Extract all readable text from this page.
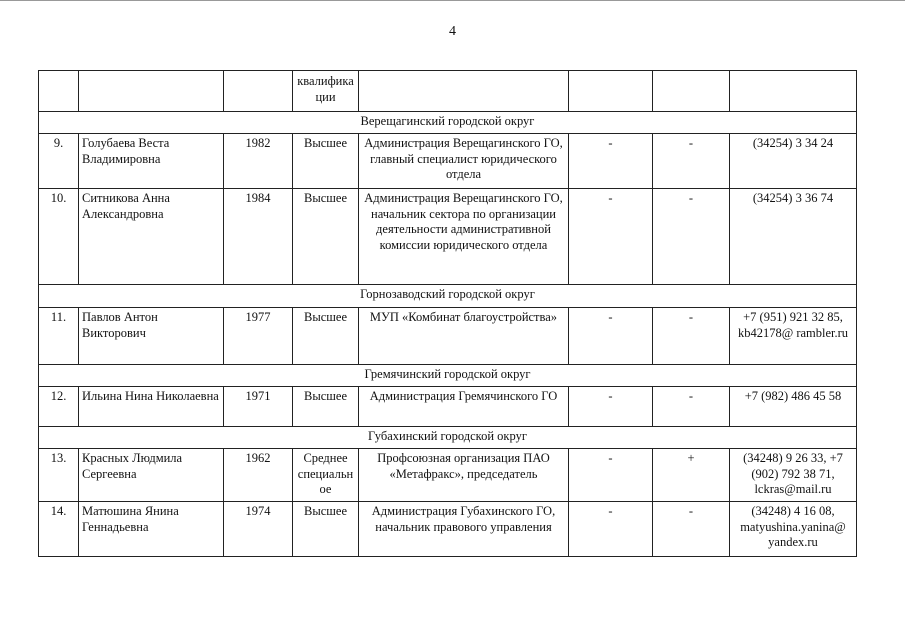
4
			квалифика
ции				
Верещагинский городской округ							
9.	Голубаева Веста Владимировна	1982	Высшее	Администрация Верещагинского ГО, главный специалист юридического отдела	-	-	(34254) 3 34 24
10.	Ситникова Анна Александровна	1984	Высшее	Администрация Верещагинского ГО, начальник сектора по организации деятельности административной комиссии юридического отдела	-	-	(34254) 3 36 74
Горнозаводский городской округ							
11.	Павлов Антон Викторович	1977	Высшее	МУП «Комбинат благоустройства»	-	-	+7 (951) 921 32 85, kb42178@ rambler.ru
Гремячинский городской округ							
12.	Ильина Нина Николаевна	1971	Высшее	Администрация Гремячинского ГО	-	-	+7 (982) 486 45 58
Губахинский городской округ							
13.	Красных Людмила Сергеевна	1962	Среднее специальн ое	Профсоюзная организация ПАО «Метафракс», председатель	-	+	(34248) 9 26 33, +7 (902) 792 38 71, lckras@mail.ru
14.	Матюшина Янина Геннадьевна	1974	Высшее	Администрация Губахинского ГО, начальник правового управления	-	-	(34248) 4 16 08, matyushina.yanina@ yandex.ru
